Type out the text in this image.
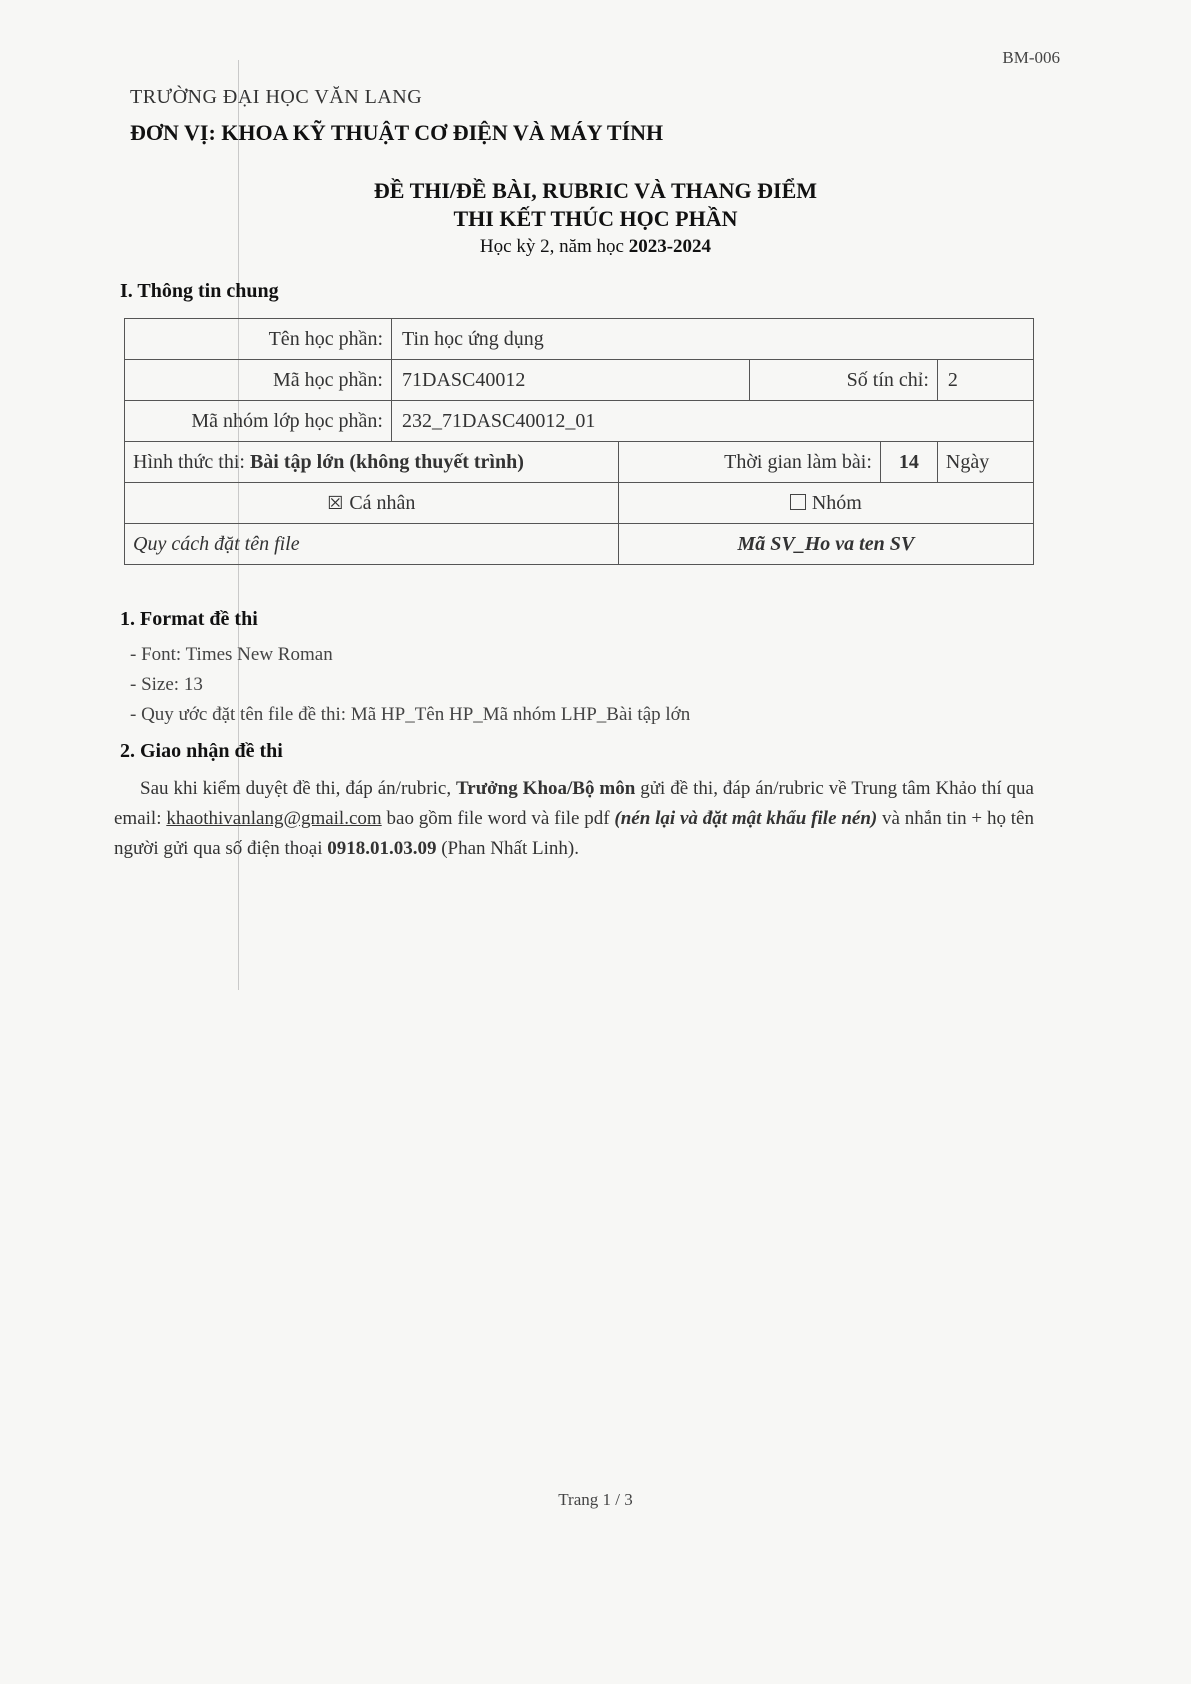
BM-006
TRƯỜNG ĐẠI HỌC VĂN LANG
ĐƠN VỊ: KHOA KỸ THUẬT CƠ ĐIỆN VÀ MÁY TÍNH
ĐỀ THI/ĐỀ BÀI, RUBRIC VÀ THANG ĐIỂM
THI KẾT THÚC HỌC PHẦN
Học kỳ 2, năm học 2023-2024
I. Thông tin chung
Tên học phần:	Tin học ứng dụng				
Mã học phần:	71DASC40012		Số tín chỉ:		2
Mã nhóm lớp học phần:	232_71DASC40012_01				
Hình thức thi: Bài tập lớn (không thuyết trình)		Thời gian làm bài:		14	Ngày
☒ Cá nhân		Nhóm			
Quy cách đặt tên file		Mã SV_Ho va ten SV			
1. Format đề thi
- Font: Times New Roman
- Size: 13
- Quy ước đặt tên file đề thi: Mã HP_Tên HP_Mã nhóm LHP_Bài tập lớn
2. Giao nhận đề thi
Sau khi kiểm duyệt đề thi, đáp án/rubric, Trưởng Khoa/Bộ môn gửi đề thi, đáp án/rubric về Trung tâm Khảo thí qua email: khaothivanlang@gmail.com bao gồm file word và file pdf (nén lại và đặt mật khẩu file nén) và nhắn tin + họ tên người gửi qua số điện thoại 0918.01.03.09 (Phan Nhất Linh).
Trang 1 / 3
